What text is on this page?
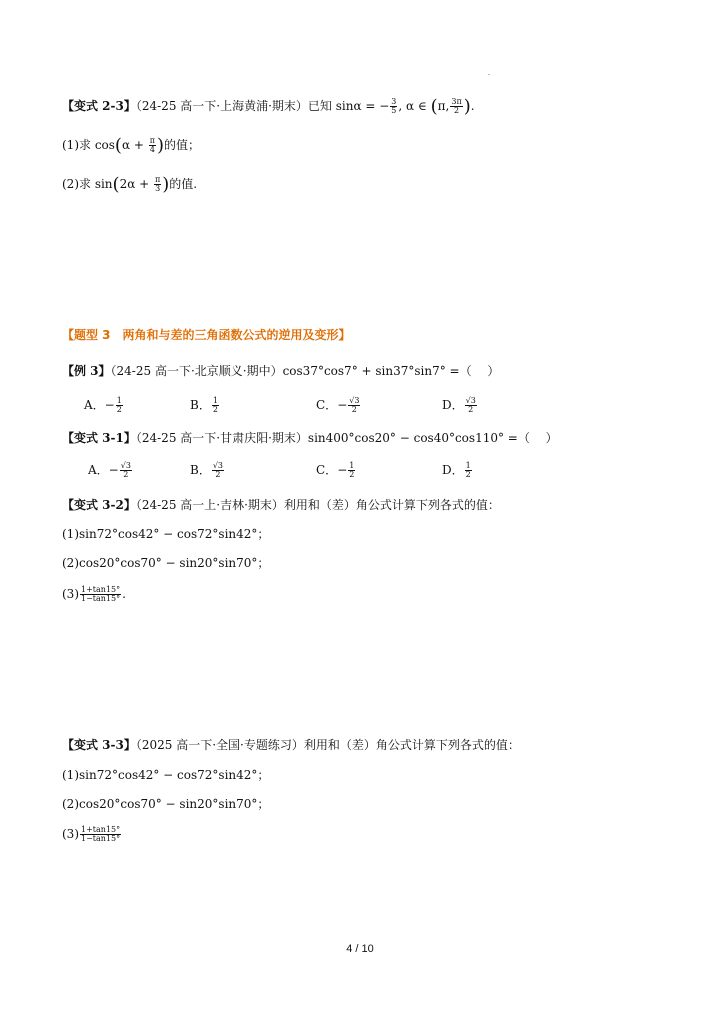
【变式 2-3】（24-25 高一下·上海黄浦·期末）已知 sinα = − $\frac{3}{5}$ , α ∈ (π, $\frac{3\pi}{2}$ ).
(1)求 $\cos(\alpha + \frac{\pi}{4}$ )的值；
(2)求 $\sin(2\alpha + \frac{\pi}{3}$ )的值.
【题型 3　两角和与差的三角函数公式的逆用及变形】
【例 3】（24-25 高一下·北京顺义·期中）cos37°cos7° + sin37°sin7° =（　 ）
A．− $\frac{1}{2}$	B． $\frac{1}{2}$	C．− $\frac{√3}{2}$	D． $\frac{√3}{2}$
【变式 3-1】（24-25 高一下·甘肃庆阳·期末）sin400°cos20° − cos40°cos110° =（　 ）
A．− $\frac{√3}{2}$	B． $\frac{√3}{2}$	C．− $\frac{1}{2}$	D． $\frac{1}{2}$
【变式 3-2】（24-25 高一上·吉林·期末）利用和（差）角公式计算下列各式的值：
(1)sin72°cos42° − cos72°sin42°；
(2)cos20°cos70° − sin20°sin70°；
$(3) \frac{1+\tan 15^\circ}{1-\tan 15^\circ}$ .
【变式 3-3】（2025 高一下·全国·专题练习）利用和（差）角公式计算下列各式的值：
(1)sin72°cos42° − cos72°sin42°；
(2)cos20°cos70° − sin20°sin70°；
$(3) \frac{1+\tan 15^\circ}{1-\tan 15^\circ}$
4 / 10
